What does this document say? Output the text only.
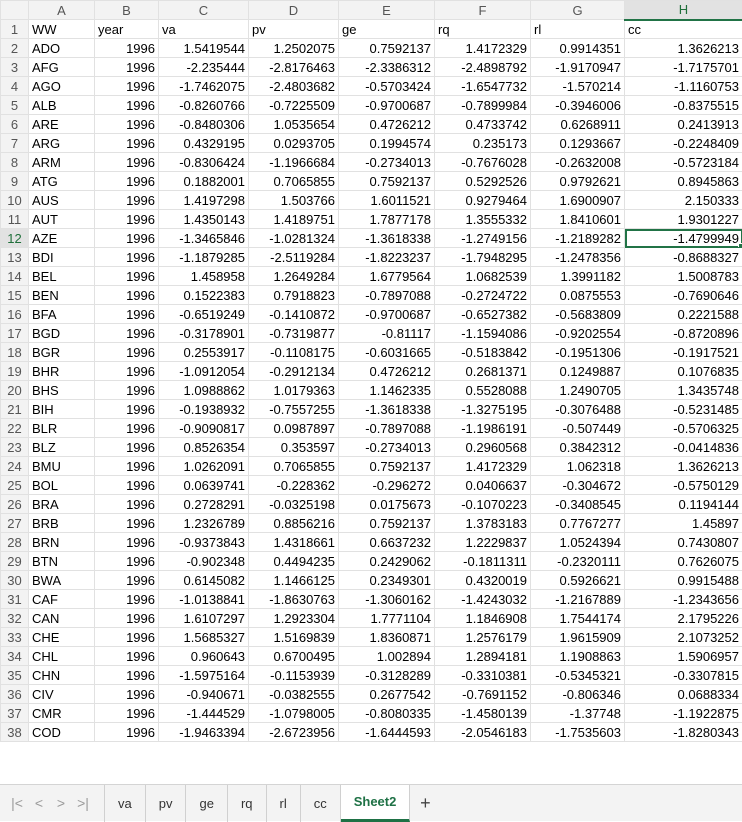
	A	B	C	D	E	F	G	H
1	WW	year	va	pv	ge	rq	rl	cc
2	ADO	1996	1.5419544	1.2502075	0.7592137	1.4172329	0.9914351	1.3626213
3	AFG	1996	-2.235444	-2.8176463	-2.3386312	-2.4898792	-1.9170947	-1.7175701
4	AGO	1996	-1.7462075	-2.4803682	-0.5703424	-1.6547732	-1.570214	-1.1160753
5	ALB	1996	-0.8260766	-0.7225509	-0.9700687	-0.7899984	-0.3946006	-0.8375515
6	ARE	1996	-0.8480306	1.0535654	0.4726212	0.4733742	0.6268911	0.2413913
7	ARG	1996	0.4329195	0.0293705	0.1994574	0.235173	0.1293667	-0.2248409
8	ARM	1996	-0.8306424	-1.1966684	-0.2734013	-0.7676028	-0.2632008	-0.5723184
9	ATG	1996	0.1882001	0.7065855	0.7592137	0.5292526	0.9792621	0.8945863
10	AUS	1996	1.4197298	1.503766	1.6011521	0.9279464	1.6900907	2.150333
11	AUT	1996	1.4350143	1.4189751	1.7877178	1.3555332	1.8410601	1.9301227
12	AZE	1996	-1.3465846	-1.0281324	-1.3618338	-1.2749156	-1.2189282	-1.4799949
13	BDI	1996	-1.1879285	-2.5119284	-1.8223237	-1.7948295	-1.2478356	-0.8688327
14	BEL	1996	1.458958	1.2649284	1.6779564	1.0682539	1.3991182	1.5008783
15	BEN	1996	0.1522383	0.7918823	-0.7897088	-0.2724722	0.0875553	-0.7690646
16	BFA	1996	-0.6519249	-0.1410872	-0.9700687	-0.6527382	-0.5683809	0.2221588
17	BGD	1996	-0.3178901	-0.7319877	-0.81117	-1.1594086	-0.9202554	-0.8720896
18	BGR	1996	0.2553917	-0.1108175	-0.6031665	-0.5183842	-0.1951306	-0.1917521
19	BHR	1996	-1.0912054	-0.2912134	0.4726212	0.2681371	0.1249887	0.1076835
20	BHS	1996	1.0988862	1.0179363	1.1462335	0.5528088	1.2490705	1.3435748
21	BIH	1996	-0.1938932	-0.7557255	-1.3618338	-1.3275195	-0.3076488	-0.5231485
22	BLR	1996	-0.9090817	0.0987897	-0.7897088	-1.1986191	-0.507449	-0.5706325
23	BLZ	1996	0.8526354	0.353597	-0.2734013	0.2960568	0.3842312	-0.0414836
24	BMU	1996	1.0262091	0.7065855	0.7592137	1.4172329	1.062318	1.3626213
25	BOL	1996	0.0639741	-0.228362	-0.296272	0.0406637	-0.304672	-0.5750129
26	BRA	1996	0.2728291	-0.0325198	0.0175673	-0.1070223	-0.3408545	0.1194144
27	BRB	1996	1.2326789	0.8856216	0.7592137	1.3783183	0.7767277	1.45897
28	BRN	1996	-0.9373843	1.4318661	0.6637232	1.2229837	1.0524394	0.7430807
29	BTN	1996	-0.902348	0.4494235	0.2429062	-0.1811311	-0.2320111	0.7626075
30	BWA	1996	0.6145082	1.1466125	0.2349301	0.4320019	0.5926621	0.9915488
31	CAF	1996	-1.0138841	-1.8630763	-1.3060162	-1.4243032	-1.2167889	-1.2343656
32	CAN	1996	1.6107297	1.2923304	1.7771104	1.1846908	1.7544174	2.1795226
33	CHE	1996	1.5685327	1.5169839	1.8360871	1.2576179	1.9615909	2.1073252
34	CHL	1996	0.960643	0.6700495	1.002894	1.2894181	1.1908863	1.5906957
35	CHN	1996	-1.5975164	-0.1153939	-0.3128289	-0.3310381	-0.5345321	-0.3307815
36	CIV	1996	-0.940671	-0.0382555	0.2677542	-0.7691152	-0.806346	0.0688334
37	CMR	1996	-1.444529	-1.0798005	-0.8080335	-1.4580139	-1.37748	-1.1922875
38	COD	1996	-1.9463394	-2.6723956	-1.6444593	-2.0546183	-1.7535603	-1.8280343
|< < > >|	va	pv	ge	rq	rl	cc	Sheet2	+
